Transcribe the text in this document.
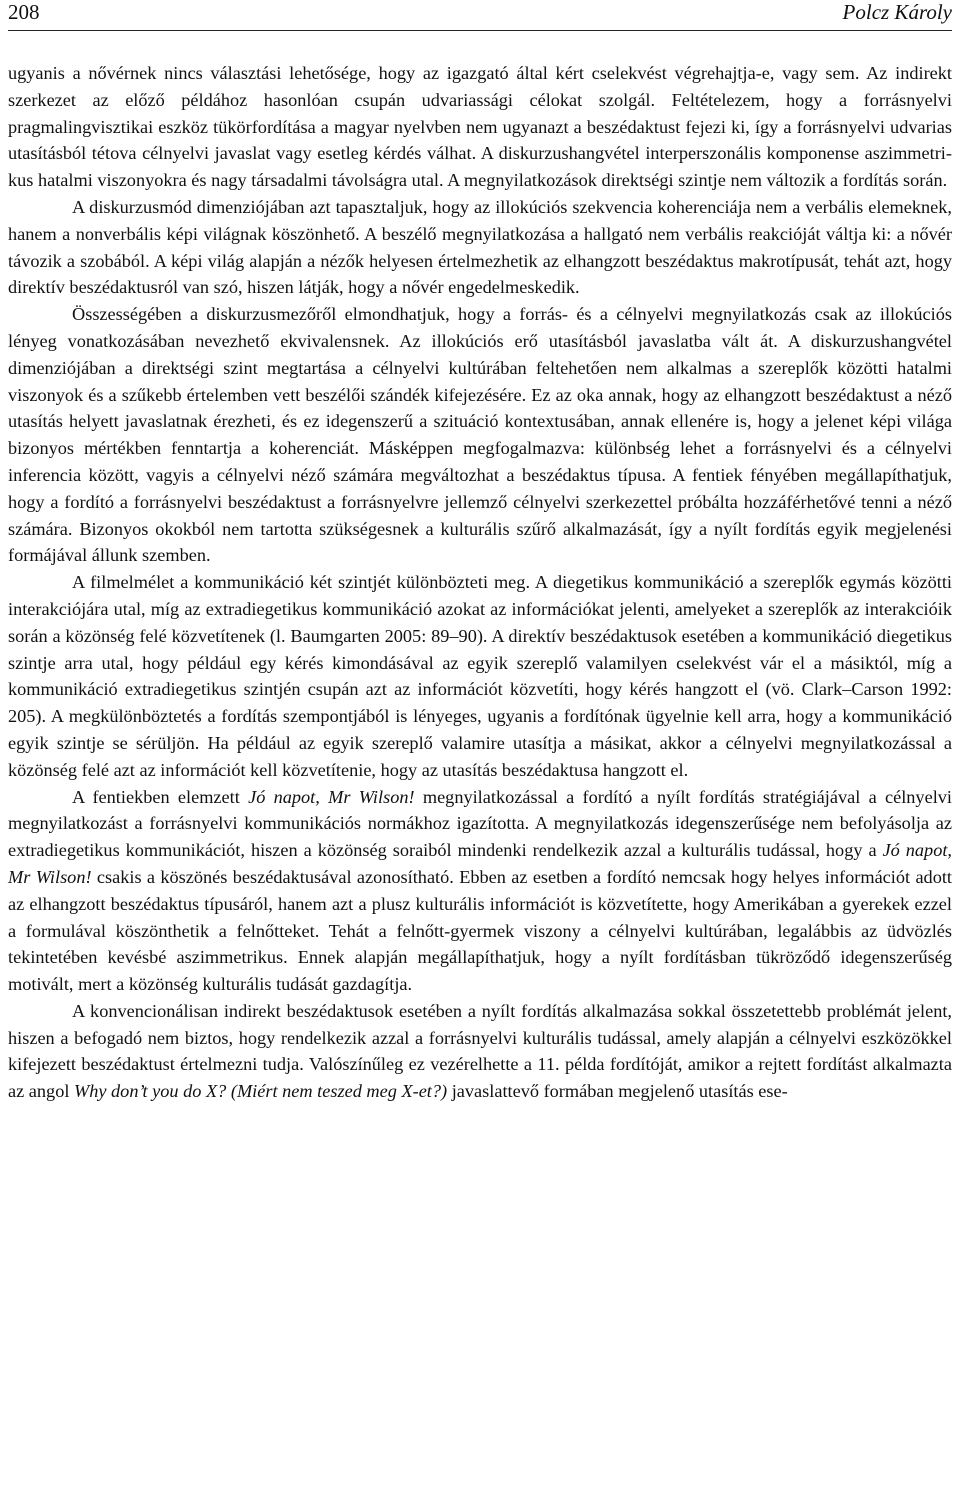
208	Polcz Károly

ugyanis a nővérnek nincs választási lehetősége, hogy az igazgató által kért cselekvést végrehajtja-e, vagy sem. Az indirekt szerkezet az előző példához hasonlóan csupán udvariassági célokat szolgál. Feltételezem, hogy a forrásnyelvi pragmalingvisztikai eszköz tükörfordítása a magyar nyelvben nem ugyanazt a beszédaktust fejezi ki, így a forrásnyelvi udvarias utasításból tétova célnyelvi javaslat vagy esetleg kérdés válhat. A diskurzushangvétel interperszonális komponense aszimmetrikus hatalmi viszonyokra és nagy társadalmi távolságra utal. A megnyilatkozások direktségi szintje nem változik a fordítás során.

A diskurzusmód dimenziójában azt tapasztaljuk, hogy az illokúciós szekvencia koherenciája nem a verbális elemeknek, hanem a nonverbális képi világnak köszönhető. A beszélő megnyilatkozása a hallgató nem verbális reakcióját váltja ki: a nővér távozik a szobából. A képi világ alapján a nézők helyesen értelmezhetik az elhangzott beszédaktus makrotípusát, tehát azt, hogy direktív beszédaktusról van szó, hiszen látják, hogy a nővér engedelmeskedik.

Összességében a diskurzusmezőről elmondhatjuk, hogy a forrás- és a célnyelvi megnyilatkozás csak az illokúciós lényeg vonatkozásában nevezhető ekvivalensnek. Az illokúciós erő utasításból javaslatba vált át. A diskurzushangvétel dimenziójában a direktségi szint megtartása a célnyelvi kultúrában feltehetően nem alkalmas a szereplők közötti hatalmi viszonyok és a szűkebb értelemben vett beszélői szándék kifejezésére. Ez az oka annak, hogy az elhangzott beszédaktust a néző utasítás helyett javaslatnak érezheti, és ez idegenszerű a szituáció kontextusában, annak ellenére is, hogy a jelenet képi világa bizonyos mértékben fenntartja a koherenciát. Másképpen megfogalmazva: különbség lehet a forrásnyelvi és a célnyelvi inferencia között, vagyis a célnyelvi néző számára megváltozhat a beszédaktus típusa. A fentiek fényében megállapíthatjuk, hogy a fordító a forrásnyelvi beszédaktust a forrásnyelvre jellemző célnyelvi szerkezettel próbálta hozzáférhetővé tenni a néző számára. Bizonyos okokból nem tartotta szükségesnek a kulturális szűrő alkalmazását, így a nyílt fordítás egyik megjelenési formájával állunk szemben.

A filmelmélet a kommunikáció két szintjét különbözteti meg. A diegetikus kommunikáció a szereplők egymás közötti interakciójára utal, míg az extradiegetikus kommunikáció azokat az információkat jelenti, amelyeket a szereplők az interakcióik során a közönség felé közvetítenek (l. Baumgarten 2005: 89–90). A direktív beszédaktusok esetében a kommunikáció diegetikus szintje arra utal, hogy például egy kérés kimondásával az egyik szereplő valamilyen cselekvést vár el a másiktól, míg a kommunikáció extradiegetikus szintjén csupán azt az információt közvetíti, hogy kérés hangzott el (vö. Clark–Carson 1992: 205). A megkülönböztetés a fordítás szempontjából is lényeges, ugyanis a fordítónak ügyelnie kell arra, hogy a kommunikáció egyik szintje se sérüljön. Ha például az egyik szereplő valamire utasítja a másikat, akkor a célnyelvi megnyilatkozással a közönség felé azt az információt kell közvetítenie, hogy az utasítás beszédaktusa hangzott el.

A fentiekben elemzett Jó napot, Mr Wilson! megnyilatkozással a fordító a nyílt fordítás stratégiájával a célnyelvi megnyilatkozást a forrásnyelvi kommunikációs normákhoz igazította. A megnyilatkozás idegenszerűsége nem befolyásolja az extradiegetikus kommunikációt, hiszen a közönség soraiból mindenki rendelkezik azzal a kulturális tudással, hogy a Jó napot, Mr Wilson! csakis a köszönés beszédaktusával azonosítható. Ebben az esetben a fordító nemcsak hogy helyes információt adott az elhangzott beszédaktus típusáról, hanem azt a plusz kulturális információt is közvetítette, hogy Amerikában a gyerekek ezzel a formulával köszönthetik a felnőtteket. Tehát a felnőtt-gyermek viszony a célnyelvi kultúrában, legalábbis az üdvözlés tekintetében kevésbé aszimmetrikus. Ennek alapján megállapíthatjuk, hogy a nyílt fordításban tükröződő idegenszerűség motivált, mert a közönség kulturális tudását gazdagítja.

A konvencionálisan indirekt beszédaktusok esetében a nyílt fordítás alkalmazása sokkal összetettebb problémát jelent, hiszen a befogadó nem biztos, hogy rendelkezik azzal a forrásnyelvi kulturális tudással, amely alapján a célnyelvi eszközökkel kifejezett beszédaktust értelmezni tudja. Valószínűleg ez vezérelhette a 11. példa fordítóját, amikor a rejtett fordítást alkalmazta az angol Why don’t you do X? (Miért nem teszed meg X-et?) javaslattevő formában megjelenő utasítás ese-
